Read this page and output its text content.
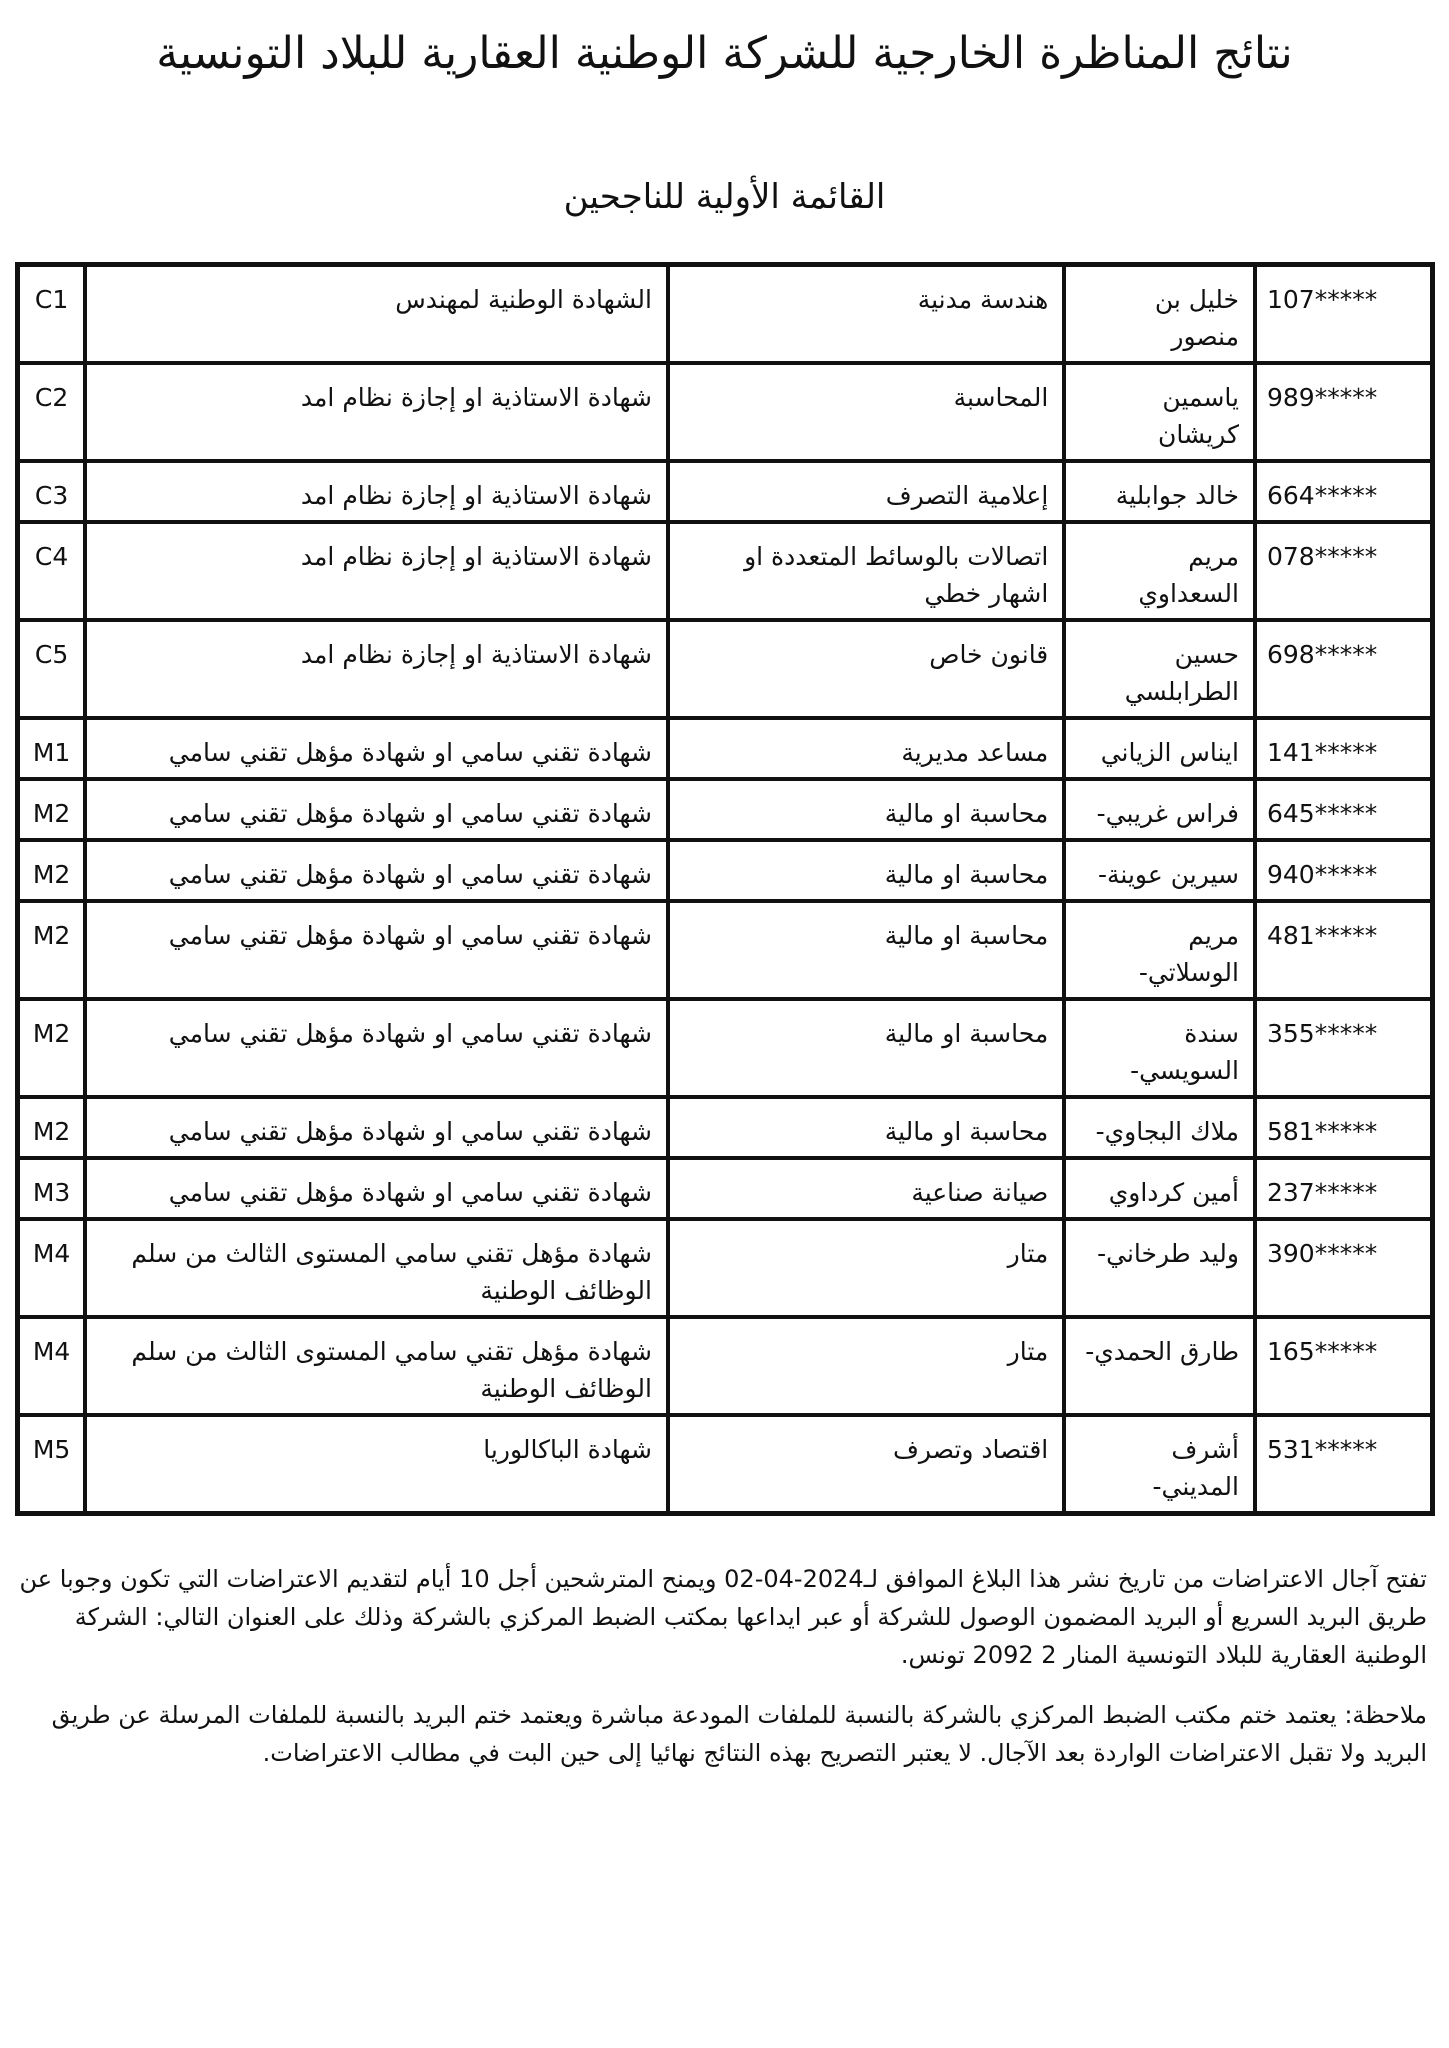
نتائج المناظرة الخارجية للشركة الوطنية العقارية للبلاد التونسية
القائمة الأولية للناجحين
107*****	خليل بن منصور	هندسة مدنية	الشهادة الوطنية لمهندس	C1
989*****	ياسمين كريشان	المحاسبة	شهادة الاستاذية او إجازة نظام امد	C2
664*****	خالد جوابلية	إعلامية التصرف	شهادة الاستاذية او إجازة نظام امد	C3
078*****	مريم السعداوي	اتصالات بالوسائط المتعددة او اشهار خطي	شهادة الاستاذية او إجازة نظام امد	C4
698*****	حسين الطرابلسي	قانون خاص	شهادة الاستاذية او إجازة نظام امد	C5
141*****	ايناس الزياني	مساعد مديرية	شهادة تقني سامي او شهادة مؤهل تقني سامي	M1
645*****	فراس غريبي-	محاسبة او مالية	شهادة تقني سامي او شهادة مؤهل تقني سامي	M2
940*****	سيرين عوينة-	محاسبة او مالية	شهادة تقني سامي او شهادة مؤهل تقني سامي	M2
481*****	مريم الوسلاتي-	محاسبة او مالية	شهادة تقني سامي او شهادة مؤهل تقني سامي	M2
355*****	سندة السويسي-	محاسبة او مالية	شهادة تقني سامي او شهادة مؤهل تقني سامي	M2
581*****	ملاك البجاوي-	محاسبة او مالية	شهادة تقني سامي او شهادة مؤهل تقني سامي	M2
237*****	أمين كرداوي	صيانة صناعية	شهادة تقني سامي او شهادة مؤهل تقني سامي	M3
390*****	وليد طرخاني-	متار	شهادة مؤهل تقني سامي المستوى الثالث من سلم الوظائف الوطنية	M4
165*****	طارق الحمدي-	متار	شهادة مؤهل تقني سامي المستوى الثالث من سلم الوظائف الوطنية	M4
531*****	أشرف المديني-	اقتصاد وتصرف	شهادة الباكالوريا	M5

تفتح آجال الاعتراضات من تاريخ نشر هذا البلاغ الموافق لـ2024-04-02 ويمنح المترشحين أجل 10 أيام لتقديم الاعتراضات التي تكون وجوبا عن طريق البريد السريع أو البريد المضمون الوصول للشركة أو عبر ايداعها بمكتب الضبط المركزي بالشركة وذلك على العنوان التالي: الشركة الوطنية العقارية للبلاد التونسية المنار 2 2092 تونس.

ملاحظة: يعتمد ختم مكتب الضبط المركزي بالشركة بالنسبة للملفات المودعة مباشرة ويعتمد ختم البريد بالنسبة للملفات المرسلة عن طريق البريد ولا تقبل الاعتراضات الواردة بعد الآجال. لا يعتبر التصريح بهذه النتائج نهائيا إلى حين البت في مطالب الاعتراضات.
